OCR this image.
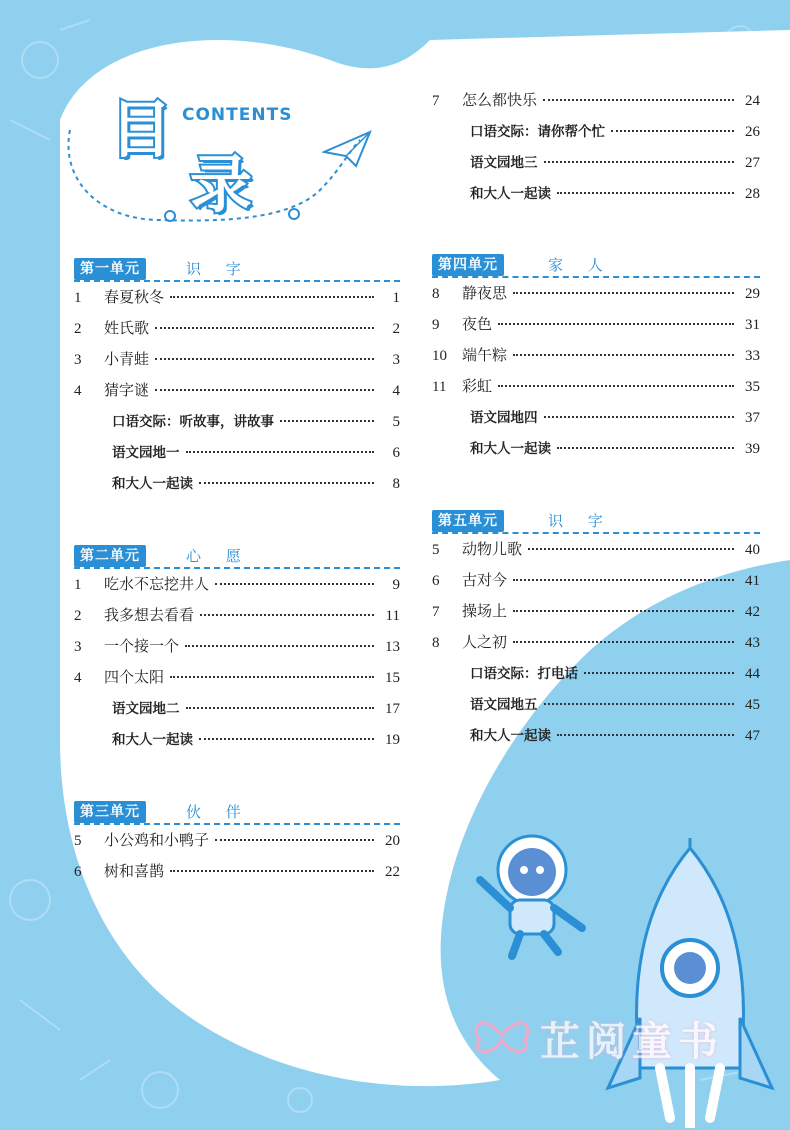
目 CONTENTS
录
第一单元	识 字
1	春夏秋冬	1
2	姓氏歌	2
3	小青蛙	3
4	猜字谜	4
口语交际：听故事，讲故事	5
语文园地一	6
和大人一起读	8
第二单元	心 愿
1	吃水不忘挖井人	9
2	我多想去看看	11
3	一个接一个	13
4	四个太阳	15
语文园地二	17
和大人一起读	19
第三单元	伙 伴
5	小公鸡和小鸭子	20
6	树和喜鹊	22
7	怎么都快乐	24
口语交际：请你帮个忙	26
语文园地三	27
和大人一起读	28
第四单元	家 人
8	静夜思	29
9	夜色	31
10	端午粽	33
11	彩虹	35
语文园地四	37
和大人一起读	39
第五单元	识 字
5	动物儿歌	40
6	古对今	41
7	操场上	42
8	人之初	43
口语交际：打电话	44
语文园地五	45
和大人一起读	47
芷阅童书
